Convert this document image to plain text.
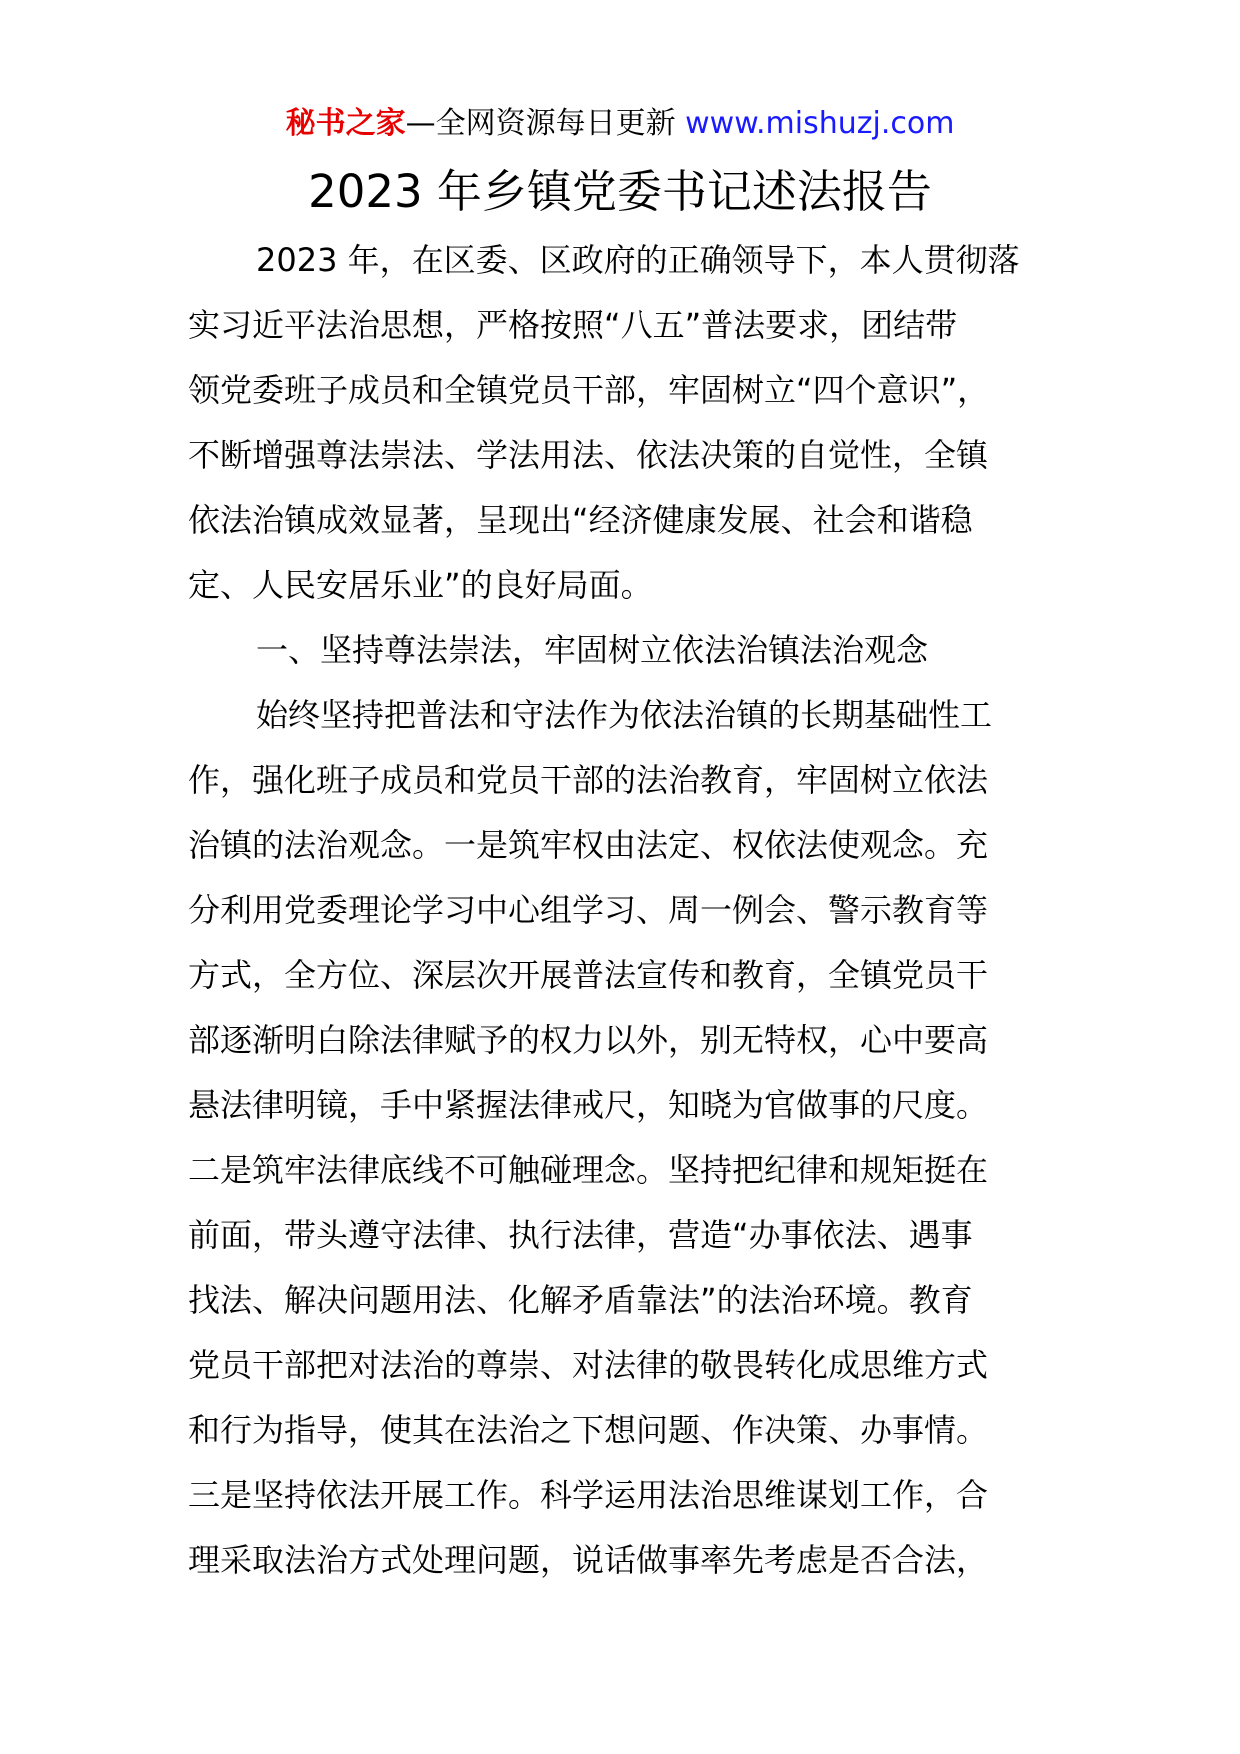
秘书之家—全网资源每日更新 www.mishuzj.com
2023 年乡镇党委书记述法报告
2023 年，在区委、区政府的正确领导下，本人贯彻落
实习近平法治思想，严格按照“八五”普法要求，团结带
领党委班子成员和全镇党员干部，牢固树立“四个意识”，
不断增强尊法崇法、学法用法、依法决策的自觉性，全镇
依法治镇成效显著，呈现出“经济健康发展、社会和谐稳
定、人民安居乐业”的良好局面。
一、坚持尊法崇法，牢固树立依法治镇法治观念
始终坚持把普法和守法作为依法治镇的长期基础性工
作，强化班子成员和党员干部的法治教育，牢固树立依法
治镇的法治观念。一是筑牢权由法定、权依法使观念。充
分利用党委理论学习中心组学习、周一例会、警示教育等
方式，全方位、深层次开展普法宣传和教育，全镇党员干
部逐渐明白除法律赋予的权力以外，别无特权，心中要高
悬法律明镜，手中紧握法律戒尺，知晓为官做事的尺度。
二是筑牢法律底线不可触碰理念。坚持把纪律和规矩挺在
前面，带头遵守法律、执行法律，营造“办事依法、遇事
找法、解决问题用法、化解矛盾靠法”的法治环境。教育
党员干部把对法治的尊崇、对法律的敬畏转化成思维方式
和行为指导，使其在法治之下想问题、作决策、办事情。
三是坚持依法开展工作。科学运用法治思维谋划工作，合
理采取法治方式处理问题，说话做事率先考虑是否合法，
